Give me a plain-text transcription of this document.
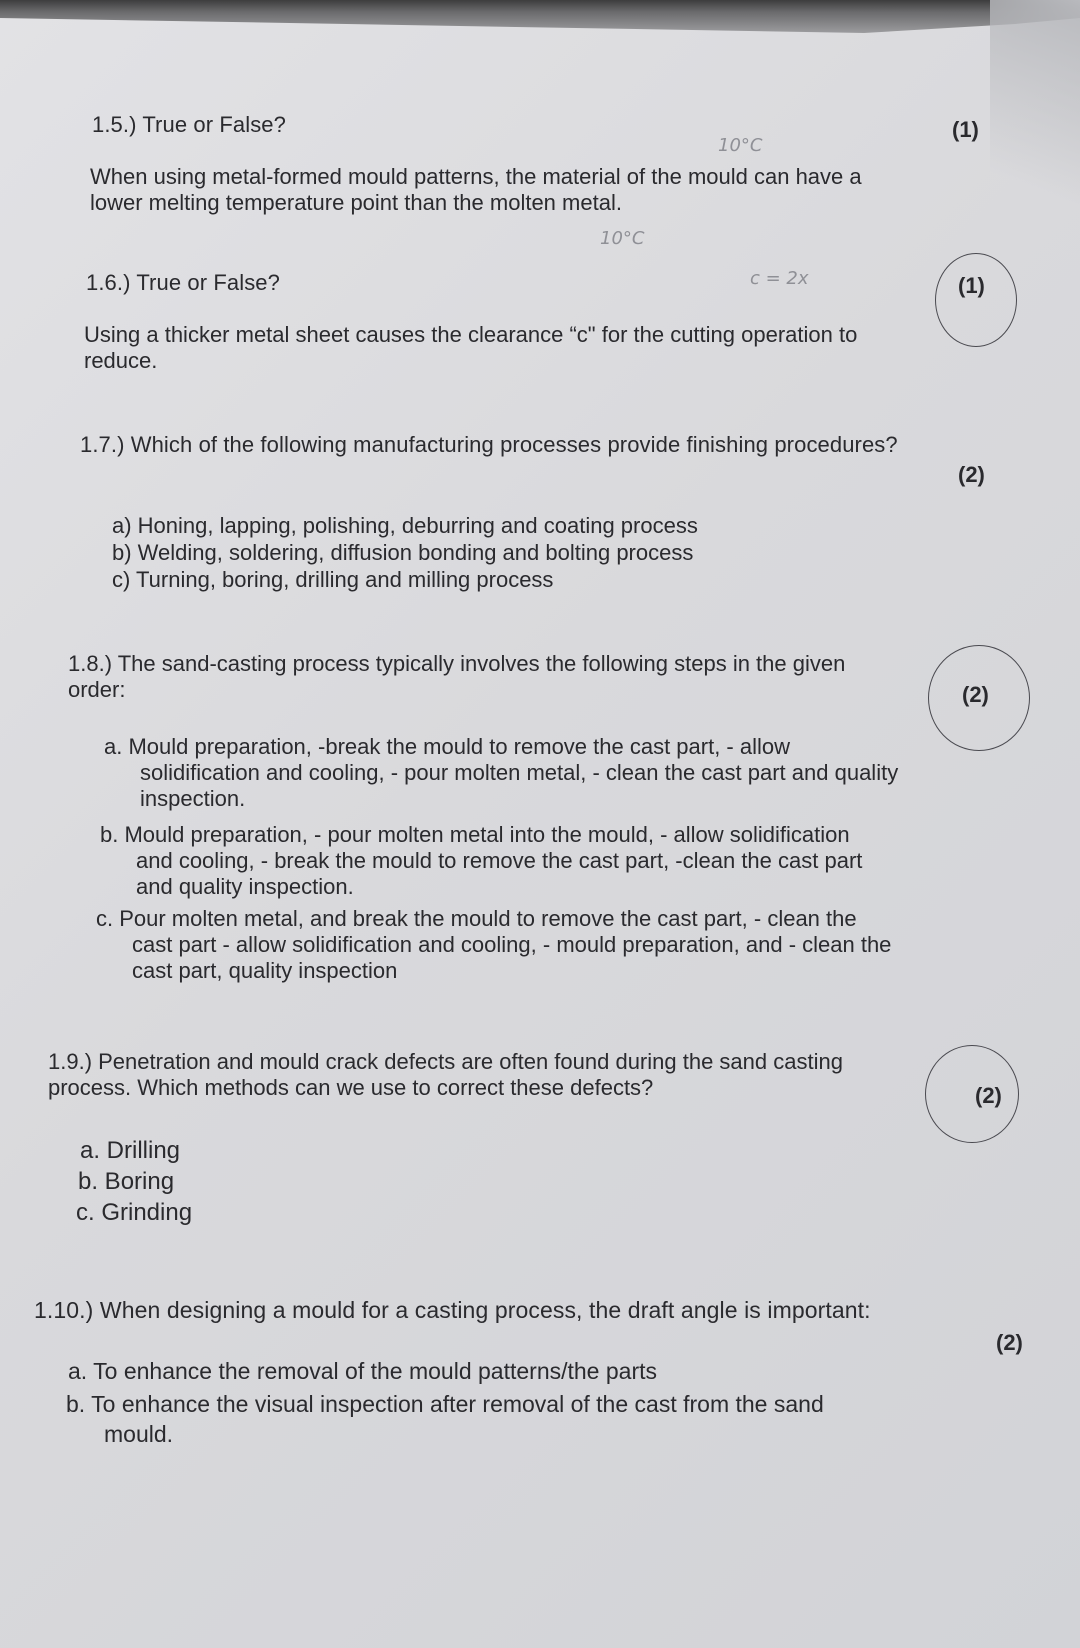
10°C
10°C
c = 2x
1.5.) True or False?	(1)
When using metal-formed mould patterns, the material of the mould can have a
lower melting temperature point than the molten metal.
1.6.) True or False?	(1)
Using a thicker metal sheet causes the clearance “c" for the cutting operation to
reduce.
1.7.) Which of the following manufacturing processes provide finishing procedures?
(2)
a) Honing, lapping, polishing, deburring and coating process
b) Welding, soldering, diffusion bonding and bolting process
c) Turning, boring, drilling and milling process
1.8.) The sand-casting process typically involves the following steps in the given
order:	(2)
a. Mould preparation, -break the mould to remove the cast part, - allow
solidification and cooling, - pour molten metal, - clean the cast part and quality
inspection.
b. Mould preparation, - pour molten metal into the mould, - allow solidification
and cooling, - break the mould to remove the cast part, -clean the cast part
and quality inspection.
c. Pour molten metal, and break the mould to remove the cast part, - clean the
cast part - allow solidification and cooling, - mould preparation, and - clean the
cast part, quality inspection
1.9.) Penetration and mould crack defects are often found during the sand casting
process. Which methods can we use to correct these defects?	(2)
a. Drilling
b. Boring
c. Grinding
1.10.) When designing a mould for a casting process, the draft angle is important:
(2)
a. To enhance the removal of the mould patterns/the parts
b. To enhance the visual inspection after removal of the cast from the sand
mould.
